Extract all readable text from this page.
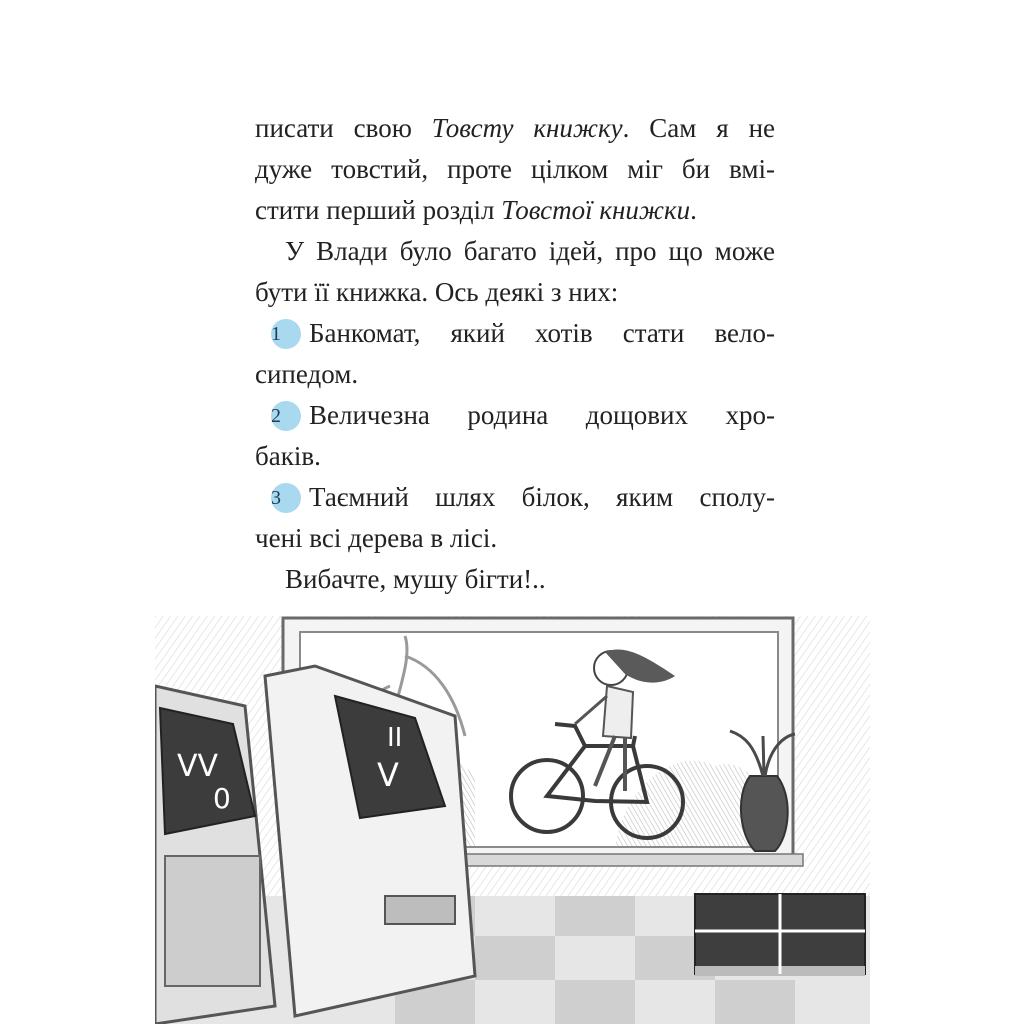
писати свою Товсту книжку. Сам я не
дуже товстий, проте цілком міг би вмі-
стити перший розділ Товстої книжки.

У Влади було багато ідей, про що може
бути її книжка. Ось деякі з них:

1 Банкомат, який хотів стати вело-
сипедом.

2 Величезна родина дощових хро-
баків.

3 Таємний шлях білок, яким сполу-
чені всі дерева в лісі.

Вибачте, мушу бігти!..

VV
0
II
V
